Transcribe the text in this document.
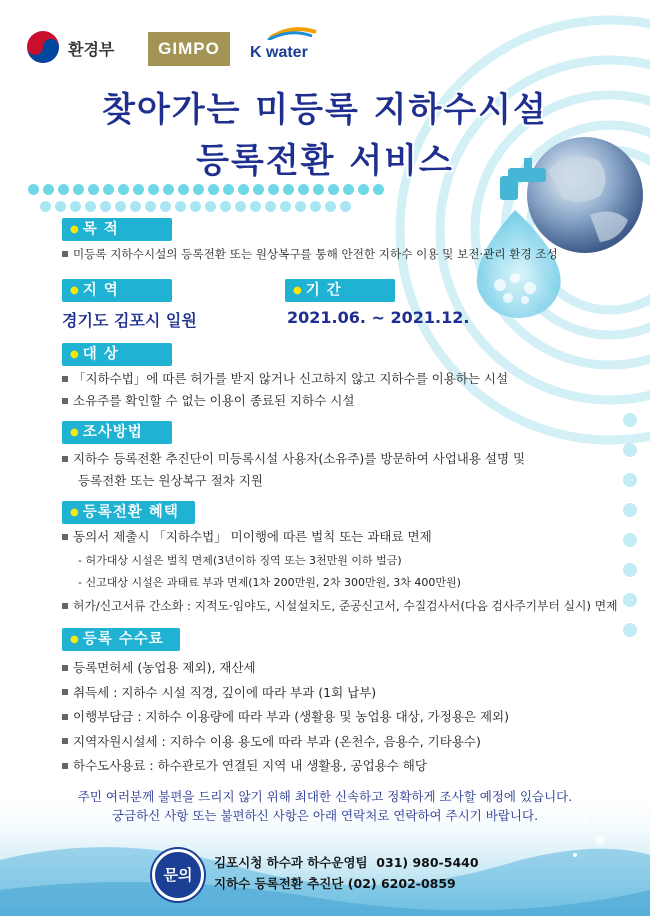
환경부	GIMPO	K water
찾아가는 미등록 지하수시설
등록전환 서비스
● 목 적
미등록 지하수시설의 등록전환 또는 원상복구를 통해 안전한 지하수 이용 및 보전·관리 환경 조성
● 지 역
경기도 김포시 일원
● 기 간
2021.06. ~ 2021.12.
● 대 상
「지하수법」에 따른 허가를 받지 않거나 신고하지 않고 지하수를 이용하는 시설
소유주를 확인할 수 없는 이용이 종료된 지하수 시설
● 조사방법
지하수 등록전환 추진단이 미등록시설 사용자(소유주)를 방문하여 사업내용 설명 및
등록전환 또는 원상복구 절차 지원
● 등록전환 혜택
동의서 제출시 「지하수법」 미이행에 따른 벌칙 또는 과태료 면제
- 허가대상 시설은 벌칙 면제(3년이하 징역 또는 3천만원 이하 벌금)
- 신고대상 시설은 과태료 부과 면제(1차 200만원, 2차 300만원, 3차 400만원)
허가/신고서류 간소화 : 지적도·임야도, 시설설치도, 준공신고서, 수질검사서(다음 검사주기부터 실시) 면제
● 등록 수수료
등록면허세 (농업용 제외), 재산세
취득세 : 지하수 시설 직경, 깊이에 따라 부과 (1회 납부)
이행부담금 : 지하수 이용량에 따라 부과 (생활용 및 농업용 대상, 가정용은 제외)
지역자원시설세 : 지하수 이용 용도에 따라 부과 (온천수, 음용수, 기타용수)
하수도사용료 : 하수관로가 연결된 지역 내 생활용, 공업용수 해당
주민 여러분께 불편을 드리지 않기 위해 최대한 신속하고 정확하게 조사할 예정에 있습니다.
궁금하신 사항 또는 불편하신 사항은 아래 연락처로 연락하여 주시기 바랍니다.
문의
김포시청 하수과 하수운영팀  031) 980-5440
지하수 등록전환 추진단 (02) 6202-0859
